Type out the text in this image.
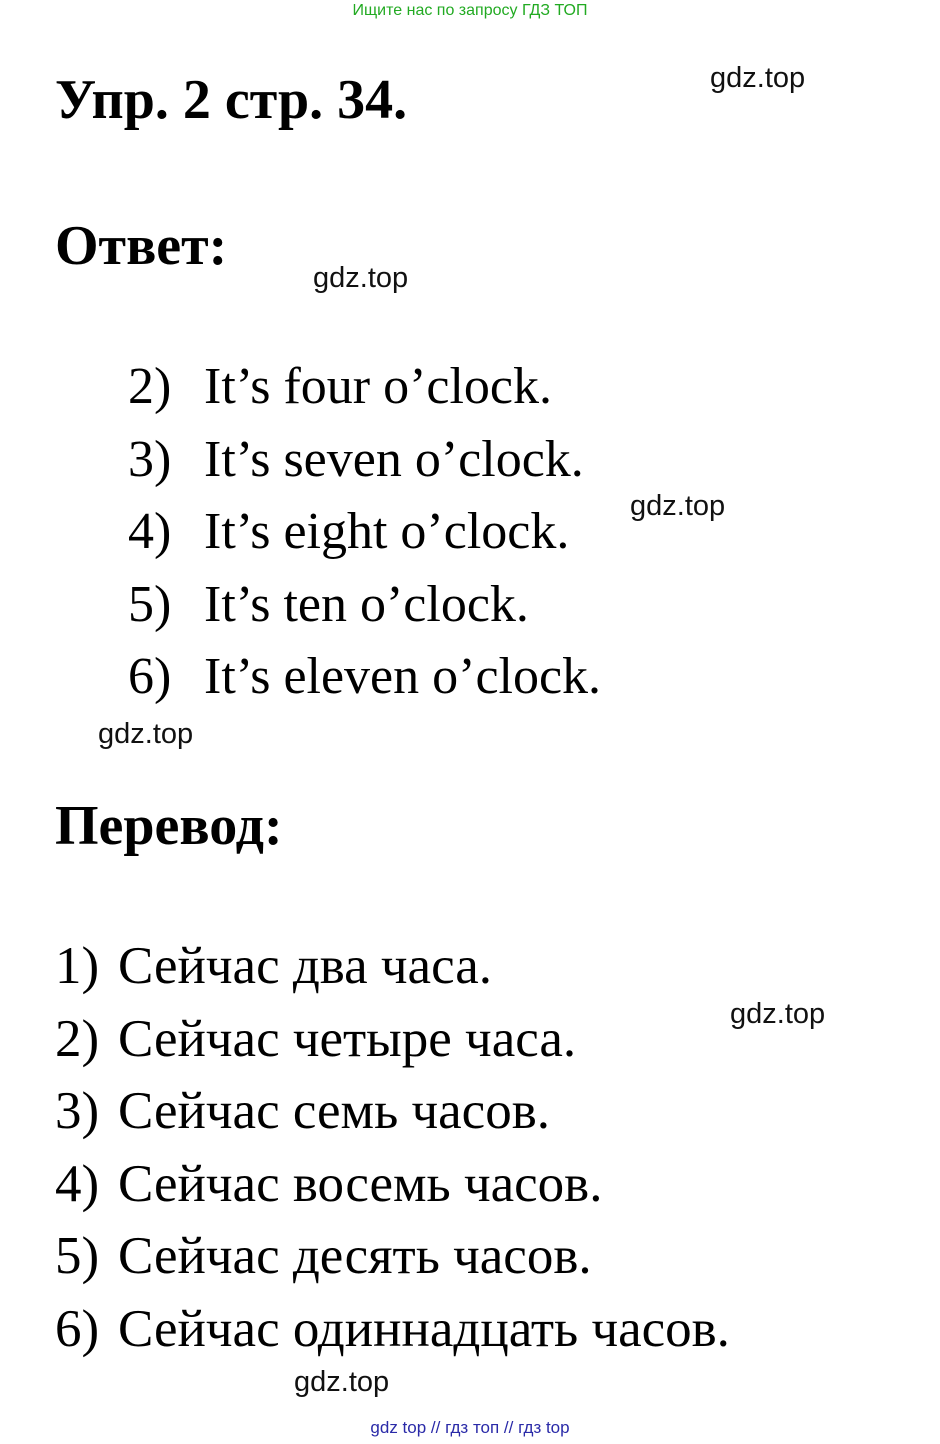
Ищите нас по запросу ГДЗ ТОП
Упр. 2 стр. 34.	gdz.top
Ответ:
gdz.top
2) It’s four o’clock.
3) It’s seven o’clock.
4) It’s eight o’clock.
5) It’s ten o’clock.
6) It’s eleven o’clock.
gdz.top
gdz.top
Перевод:
1) Сейчас два часа.
2) Сейчас четыре часа.
3) Сейчас семь часов.
4) Сейчас восемь часов.
5) Сейчас десять часов.
6) Сейчас одиннадцать часов.
gdz.top
gdz.top
gdz top // гдз топ // гдз top
